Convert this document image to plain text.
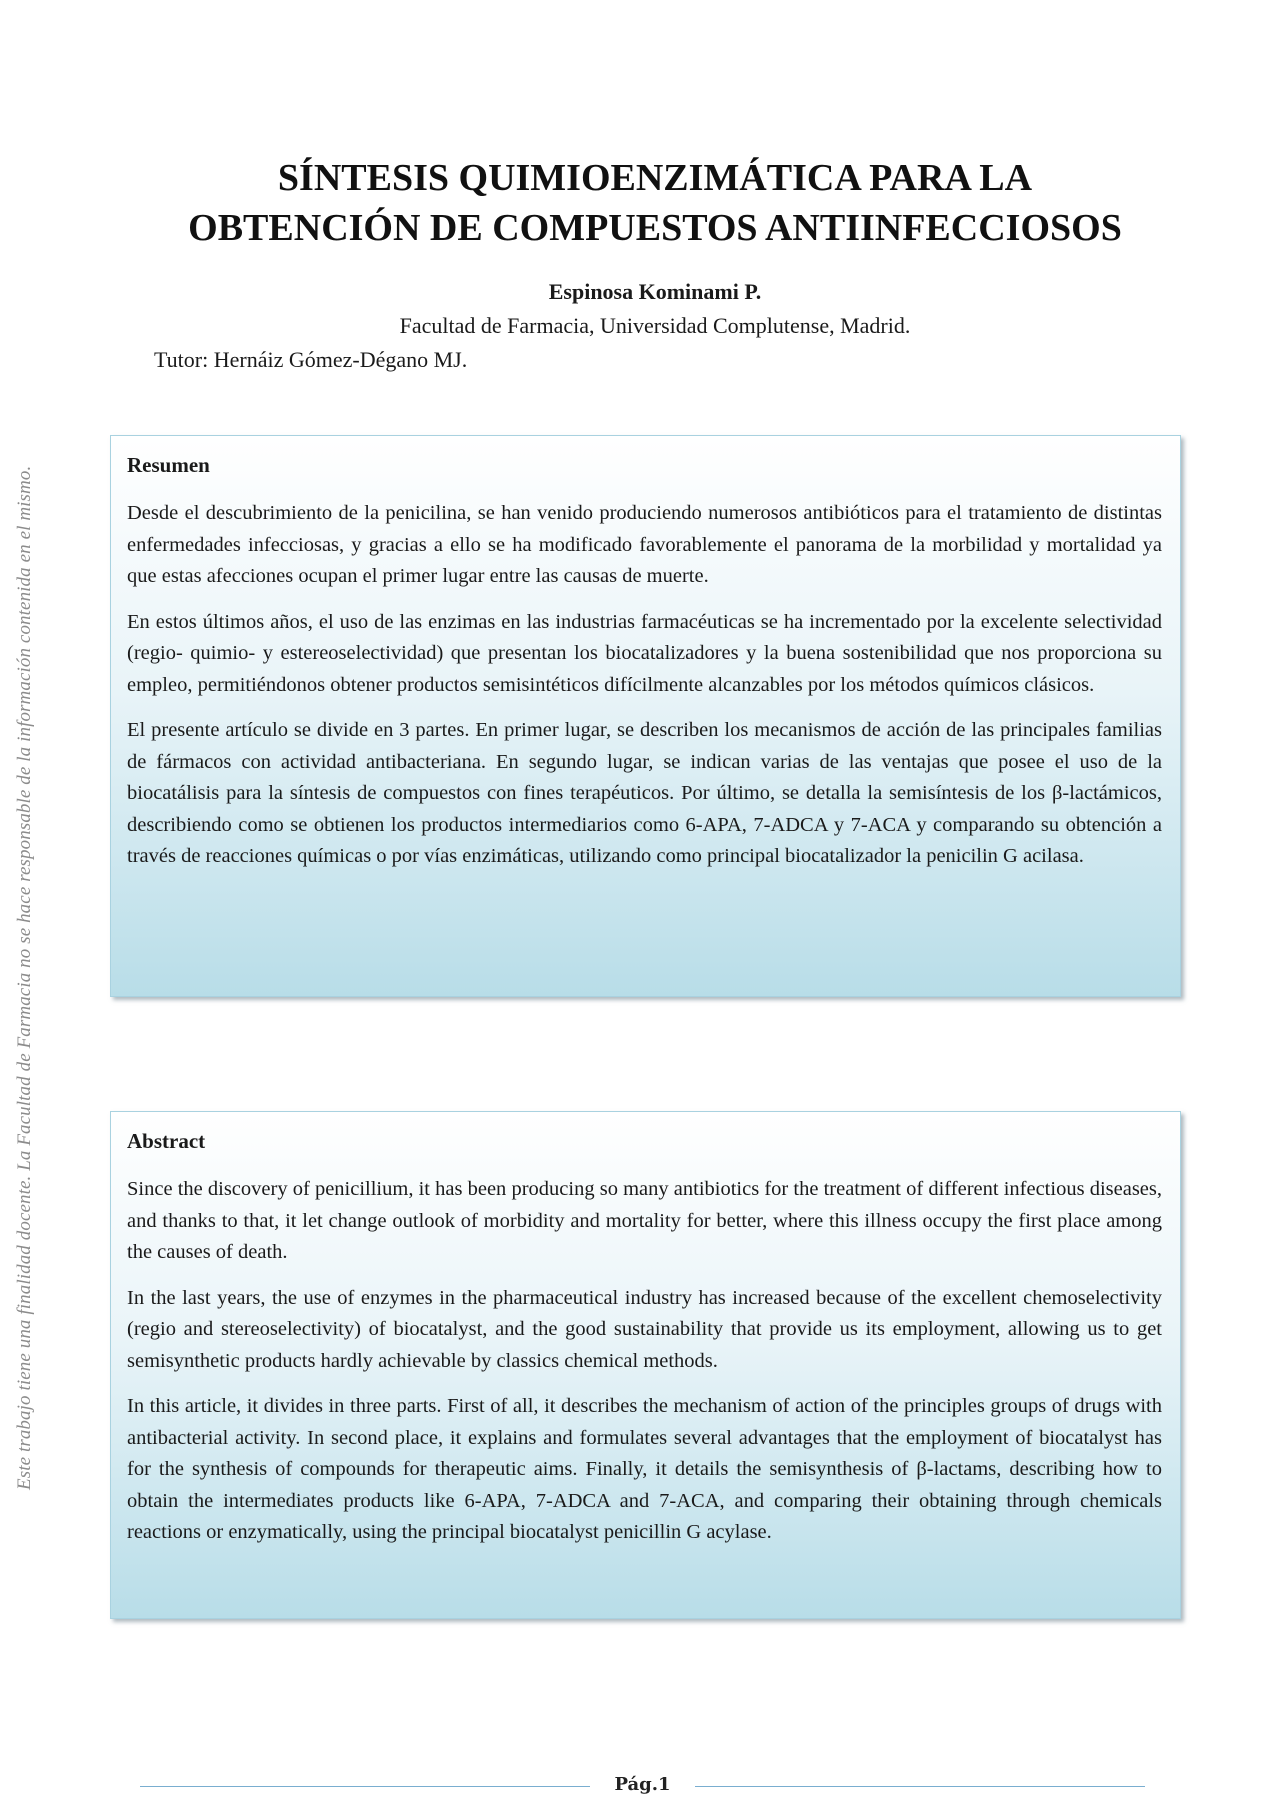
Este trabajo tiene una finalidad docente. La Facultad de Farmacia no se hace responsable de la información contenida en el mismo.
SÍNTESIS QUIMIOENZIMÁTICA PARA LA
OBTENCIÓN DE COMPUESTOS ANTIINFECCIOSOS

Espinosa Kominami P.

Facultad de Farmacia, Universidad Complutense, Madrid.

Tutor: Hernáiz Gómez-Dégano MJ.

Resumen

Desde el descubrimiento de la penicilina, se han venido produciendo numerosos antibióticos para el tratamiento de distintas enfermedades infecciosas, y gracias a ello se ha modificado favorablemente el panorama de la morbilidad y mortalidad ya que estas afecciones ocupan el primer lugar entre las causas de muerte.

En estos últimos años, el uso de las enzimas en las industrias farmacéuticas se ha incrementado por la excelente selectividad (regio- quimio- y estereoselectividad) que presentan los biocatalizadores y la buena sostenibilidad que nos proporciona su empleo, permitiéndonos obtener productos semisintéticos difícilmente alcanzables por los métodos químicos clásicos.

El presente artículo se divide en 3 partes. En primer lugar, se describen los mecanismos de acción de las principales familias de fármacos con actividad antibacteriana. En segundo lugar, se indican varias de las ventajas que posee el uso de la biocatálisis para la síntesis de compuestos con fines terapéuticos. Por último, se detalla la semisíntesis de los β-lactámicos, describiendo como se obtienen los productos intermediarios como 6-APA, 7-ADCA y 7-ACA y comparando su obtención a través de reacciones químicas o por vías enzimáticas, utilizando como principal biocatalizador la penicilin G acilasa.

Abstract

Since the discovery of penicillium, it has been producing so many antibiotics for the treatment of different infectious diseases, and thanks to that, it let change outlook of morbidity and mortality for better, where this illness occupy the first place among the causes of death.

In the last years, the use of enzymes in the pharmaceutical industry has increased because of the excellent chemoselectivity (regio and stereoselectivity) of biocatalyst, and the good sustainability that provide us its employment, allowing us to get semisynthetic products hardly achievable by classics chemical methods.

In this article, it divides in three parts. First of all, it describes the mechanism of action of the principles groups of drugs with antibacterial activity. In second place, it explains and formulates several advantages that the employment of biocatalyst has for the synthesis of compounds for therapeutic aims. Finally, it details the semisynthesis of β-lactams, describing how to obtain the intermediates products like 6-APA, 7-ADCA and 7-ACA, and comparing their obtaining through chemicals reactions or enzymatically, using the principal biocatalyst penicillin G acylase.

Pág.1
